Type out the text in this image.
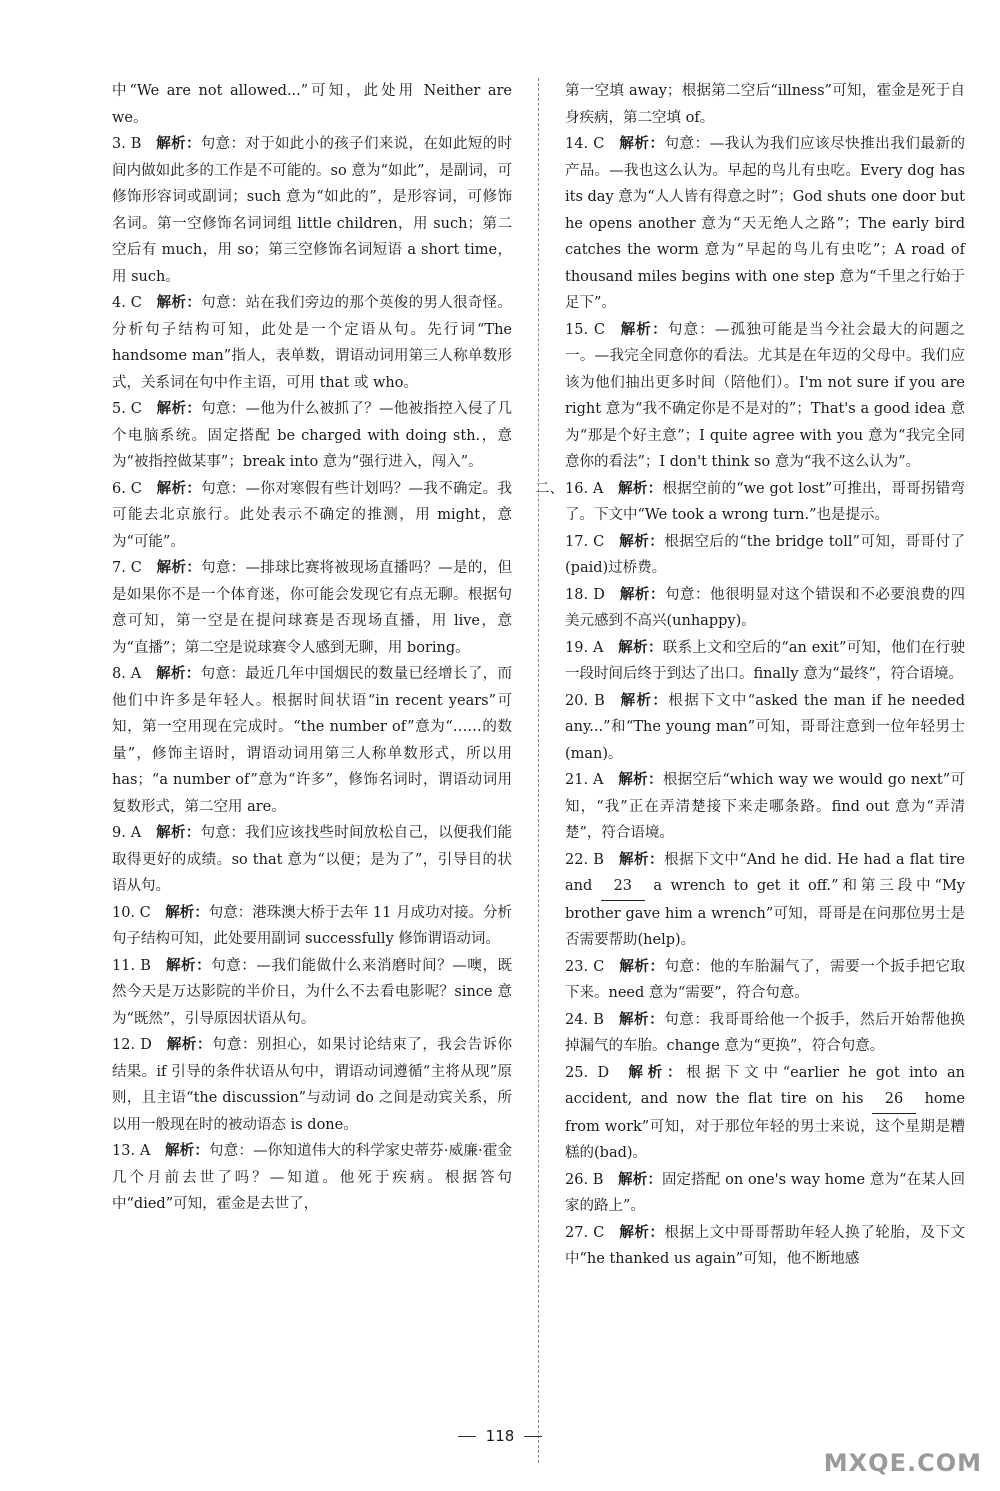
中“We are not allowed...”可知，此处用 Neither are we。

3. B  解析：句意：对于如此小的孩子们来说，在如此短的时间内做如此多的工作是不可能的。so 意为“如此”，是副词，可修饰形容词或副词；such 意为“如此的”，是形容词，可修饰名词。第一空修饰名词词组 little children，用 such；第二空后有 much，用 so；第三空修饰名词短语 a short time，用 such。

4. C  解析：句意：站在我们旁边的那个英俊的男人很奇怪。分析句子结构可知，此处是一个定语从句。先行词“The handsome man”指人，表单数，谓语动词用第三人称单数形式，关系词在句中作主语，可用 that 或 who。

5. C  解析：句意：—他为什么被抓了？—他被指控入侵了几个电脑系统。固定搭配 be charged with doing sth.，意为“被指控做某事”；break into 意为“强行进入，闯入”。

6. C  解析：句意：—你对寒假有些计划吗？—我不确定。我可能去北京旅行。此处表示不确定的推测，用 might，意为“可能”。

7. C  解析：句意：—排球比赛将被现场直播吗？—是的，但是如果你不是一个体育迷，你可能会发现它有点无聊。根据句意可知，第一空是在提问球赛是否现场直播，用 live，意为“直播”；第二空是说球赛令人感到无聊，用 boring。

8. A  解析：句意：最近几年中国烟民的数量已经增长了，而他们中许多是年轻人。根据时间状语“in recent years”可知，第一空用现在完成时。“the number of”意为“……的数量”，修饰主语时，谓语动词用第三人称单数形式，所以用 has；“a number of”意为“许多”，修饰名词时，谓语动词用复数形式，第二空用 are。

9. A  解析：句意：我们应该找些时间放松自己，以便我们能取得更好的成绩。so that 意为“以便；是为了”，引导目的状语从句。

10. C  解析：句意：港珠澳大桥于去年 11 月成功对接。分析句子结构可知，此处要用副词 successfully 修饰谓语动词。

11. B  解析：句意：—我们能做什么来消磨时间？—噢，既然今天是万达影院的半价日，为什么不去看电影呢？since 意为“既然”，引导原因状语从句。

12. D  解析：句意：别担心，如果讨论结束了，我会告诉你结果。if 引导的条件状语从句中，谓语动词遵循“主将从现”原则，且主语“the discussion”与动词 do 之间是动宾关系，所以用一般现在时的被动语态 is done。

13. A  解析：句意：—你知道伟大的科学家史蒂芬·威廉·霍金几个月前去世了吗？—知道。他死于疾病。根据答句中“died”可知，霍金是去世了，

第一空填 away；根据第二空后“illness”可知，霍金是死于自身疾病，第二空填 of。

14. C  解析：句意：—我认为我们应该尽快推出我们最新的产品。—我也这么认为。早起的鸟儿有虫吃。Every dog has its day 意为“人人皆有得意之时”；God shuts one door but he opens another 意为“天无绝人之路”；The early bird catches the worm 意为“早起的鸟儿有虫吃”；A road of thousand miles begins with one step 意为“千里之行始于足下”。

15. C  解析：句意：—孤独可能是当今社会最大的问题之一。—我完全同意你的看法。尤其是在年迈的父母中。我们应该为他们抽出更多时间（陪他们）。I'm not sure if you are right 意为“我不确定你是不是对的”；That's a good idea 意为“那是个好主意”；I quite agree with you 意为“我完全同意你的看法”；I don't think so 意为“我不这么认为”。

二、 16. A  解析：根据空前的“we got lost”可推出，哥哥拐错弯了。下文中“We took a wrong turn.”也是提示。

17. C  解析：根据空后的“the bridge toll”可知，哥哥付了(paid)过桥费。

18. D  解析：句意：他很明显对这个错误和不必要浪费的四美元感到不高兴(unhappy)。

19. A  解析：联系上文和空后的“an exit”可知，他们在行驶一段时间后终于到达了出口。finally 意为“最终”，符合语境。

20. B  解析：根据下文中“asked the man if he needed any...”和“The young man”可知，哥哥注意到一位年轻男士(man)。

21. A  解析：根据空后“which way we would go next”可知，“我”正在弄清楚接下来走哪条路。find out 意为“弄清楚”，符合语境。

22. B  解析：根据下文中“And he did. He had a flat tire and 23 a wrench to get it off.”和第三段中“My brother gave him a wrench”可知，哥哥是在问那位男士是否需要帮助(help)。

23. C  解析：句意：他的车胎漏气了，需要一个扳手把它取下来。need 意为“需要”，符合句意。

24. B  解析：句意：我哥哥给他一个扳手，然后开始帮他换掉漏气的车胎。change 意为“更换”，符合句意。

25. D  解析：根据下文中“earlier he got into an accident, and now the flat tire on his 26 home from work”可知，对于那位年轻的男士来说，这个星期是糟糕的(bad)。

26. B  解析：固定搭配 on one's way home 意为“在某人回家的路上”。

27. C  解析：根据上文中哥哥帮助年轻人换了轮胎，及下文中“he thanked us again”可知，他不断地感

118
MXQE.COM
